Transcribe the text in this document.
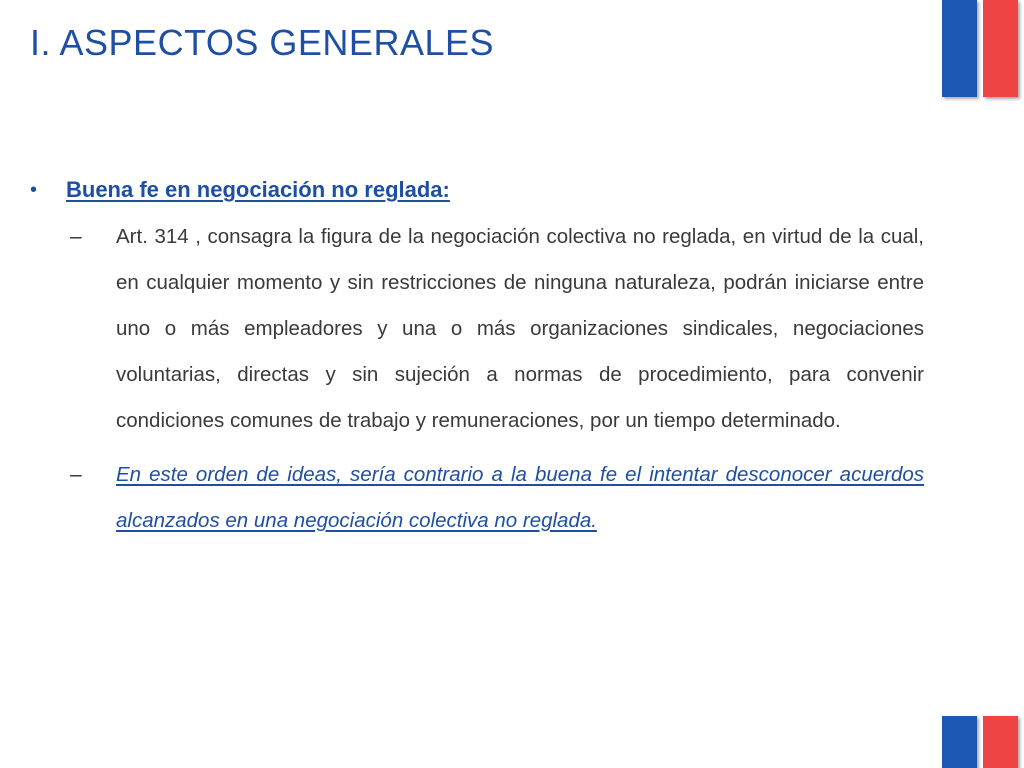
I. ASPECTOS GENERALES
•	Buena fe en negociación no reglada:
–	Art. 314 , consagra la figura de la negociación colectiva no reglada, en virtud de la cual, en cualquier momento y sin restricciones de ninguna naturaleza, podrán iniciarse entre uno o más empleadores y una o más organizaciones sindicales, negociaciones voluntarias, directas y sin sujeción a normas de procedimiento, para convenir condiciones comunes de trabajo y remuneraciones, por un tiempo determinado.
–	En este orden de ideas, sería contrario a la buena fe el intentar desconocer acuerdos alcanzados en una negociación colectiva no reglada.
